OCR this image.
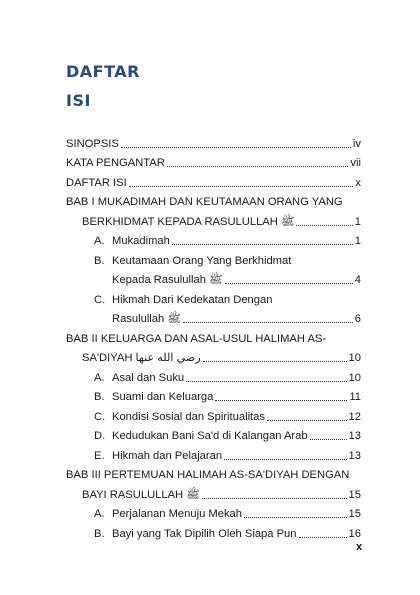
DAFTAR
ISI
SINOPSIS	iv
KATA PENGANTAR	vii
DAFTAR ISI	x
BAB I MUKADIMAH DAN KEUTAMAAN ORANG YANG
BERKHIDMAT KEPADA RASULULLAH ﷺ	1
A. Mukadimah	1
B. Keutamaan Orang Yang Berkhidmat
Kepada Rasulullah ﷺ	4
C. Hikmah Dari Kedekatan Dengan
Rasulullah ﷺ	6
BAB II KELUARGA DAN ASAL-USUL HALIMAH AS-
SA'DIYAH رضي الله عنها	10
A. Asal dan Suku	10
B. Suami dan Keluarga	11
C. Kondisi Sosial dan Spiritualitas	12
D. Kedudukan Bani Sa'd di Kalangan Arab	13
E. Hikmah dan Pelajaran	13
BAB III PERTEMUAN HALIMAH AS-SA'DIYAH DENGAN
BAYI RASULULLAH ﷺ	15
A. Perjalanan Menuju Mekah	15
B. Bayi yang Tak Dipilih Oleh Siapa Pun	16
x
